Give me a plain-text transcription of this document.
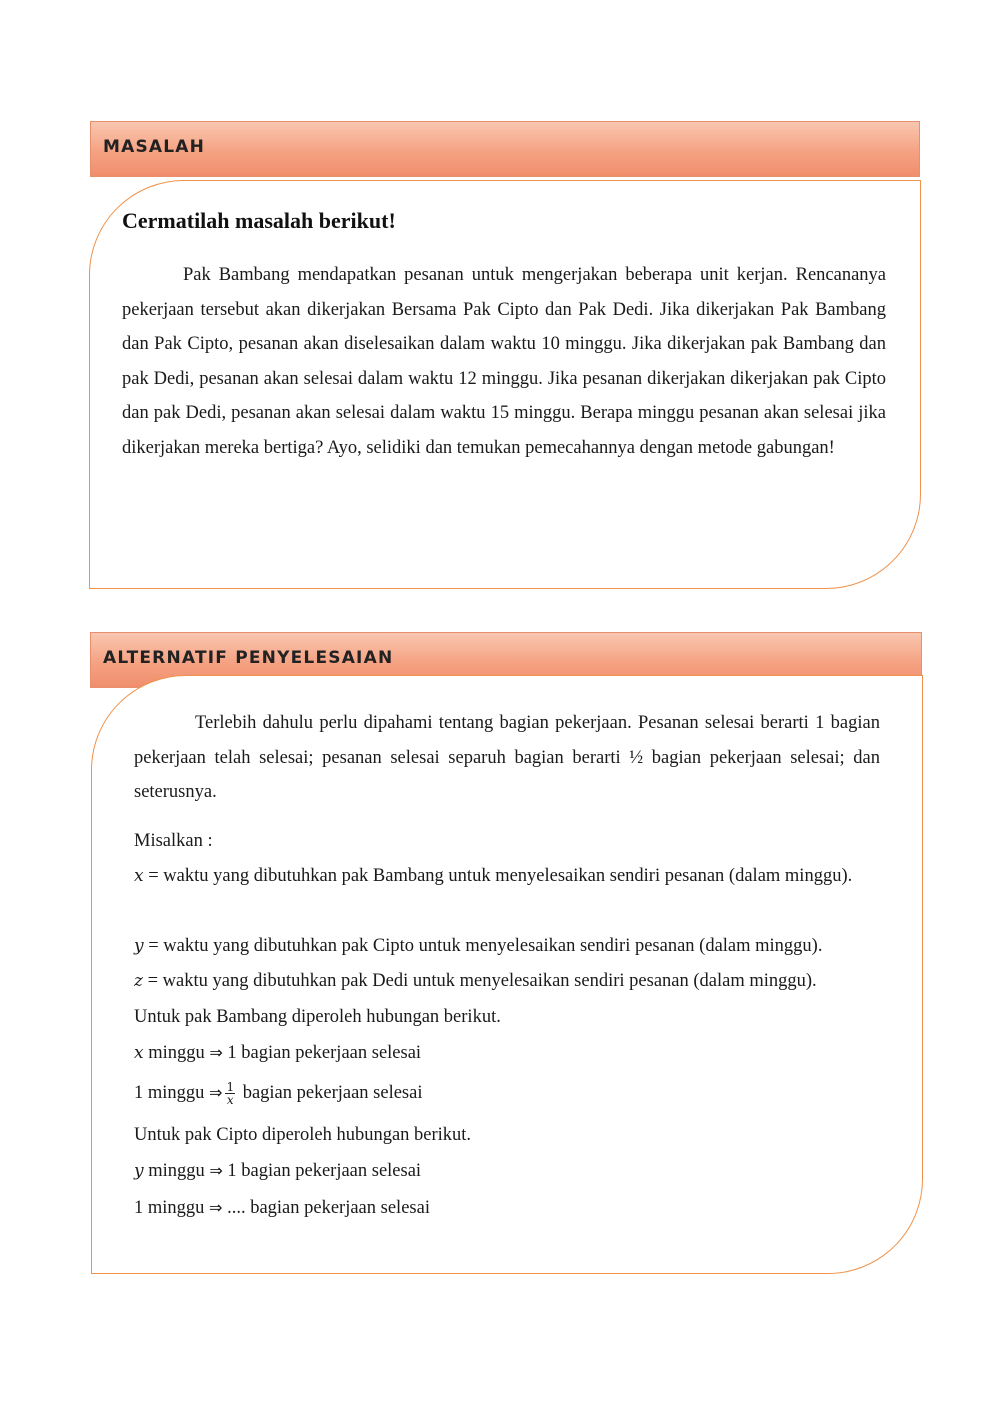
MASALAH
Cermatilah masalah berikut!

Pak Bambang mendapatkan pesanan untuk mengerjakan beberapa unit kerjan. Rencananya pekerjaan tersebut akan dikerjakan Bersama Pak Cipto dan Pak Dedi. Jika dikerjakan Pak Bambang dan Pak Cipto, pesanan akan diselesaikan dalam waktu 10 minggu. Jika dikerjakan pak Bambang dan pak Dedi, pesanan akan selesai dalam waktu 12 minggu. Jika pesanan dikerjakan dikerjakan pak Cipto dan pak Dedi, pesanan akan selesai dalam waktu 15 minggu. Berapa minggu pesanan akan selesai jika dikerjakan mereka bertiga? Ayo, selidiki dan temukan pemecahannya dengan metode gabungan!

ALTERNATIF PENYELESAIAN

Terlebih dahulu perlu dipahami tentang bagian pekerjaan. Pesanan selesai berarti 1 bagian pekerjaan telah selesai; pesanan selesai separuh bagian berarti ½ bagian pekerjaan selesai; dan seterusnya.

Misalkan :

x = waktu yang dibutuhkan pak Bambang untuk menyelesaikan sendiri pesanan (dalam minggu).

y = waktu yang dibutuhkan pak Cipto untuk menyelesaikan sendiri pesanan (dalam minggu).
z = waktu yang dibutuhkan pak Dedi untuk menyelesaikan sendiri pesanan (dalam minggu).
Untuk pak Bambang diperoleh hubungan berikut.
x minggu ⇒ 1 bagian pekerjaan selesai
1 minggu ⇒ $\frac{1}{x}$ bagian pekerjaan selesai
Untuk pak Cipto diperoleh hubungan berikut.
y minggu ⇒ 1 bagian pekerjaan selesai
1 minggu ⇒ .... bagian pekerjaan selesai
